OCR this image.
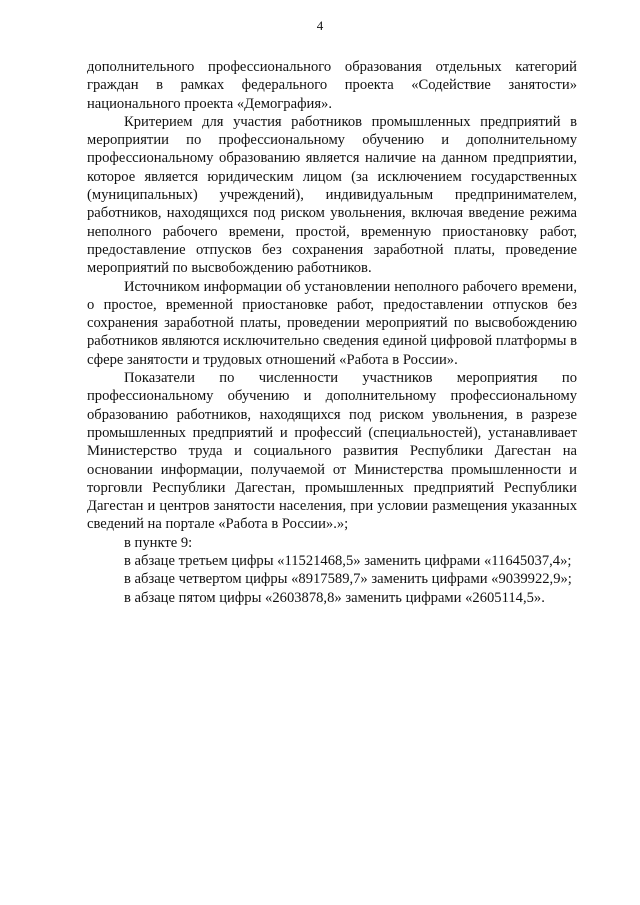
4

дополнительного профессионального образования отдельных категорий граждан в рамках федерального проекта «Содействие занятости» национального проекта «Демография».

Критерием для участия работников промышленных предприятий в мероприятии по профессиональному обучению и дополнительному профессиональному образованию является наличие на данном предприятии, которое является юридическим лицом (за исключением государственных (муниципальных) учреждений), индивидуальным предпринимателем, работников, находящихся под риском увольнения, включая введение режима неполного рабочего времени, простой, временную приостановку работ, предоставление отпусков без сохранения заработной платы, проведение мероприятий по высвобождению работников.

Источником информации об установлении неполного рабочего времени, о простое, временной приостановке работ, предоставлении отпусков без сохранения заработной платы, проведении мероприятий по высвобождению работников являются исключительно сведения единой цифровой платформы в сфере занятости и трудовых отношений «Работа в России».

Показатели по численности участников мероприятия по профессиональному обучению и дополнительному профессиональному образованию работников, находящихся под риском увольнения, в разрезе промышленных предприятий и профессий (специальностей), устанавливает Министерство труда и социального развития Республики Дагестан на основании информации, получаемой от Министерства промышленности и торговли Республики Дагестан, промышленных предприятий Республики Дагестан и центров занятости населения, при условии размещения указанных сведений на портале «Работа в России».»;

в пункте 9:

в абзаце третьем цифры «11521468,5» заменить цифрами «11645037,4»;

в абзаце четвертом цифры «8917589,7» заменить цифрами «9039922,9»;

в абзаце пятом цифры «2603878,8» заменить цифрами «2605114,5».
